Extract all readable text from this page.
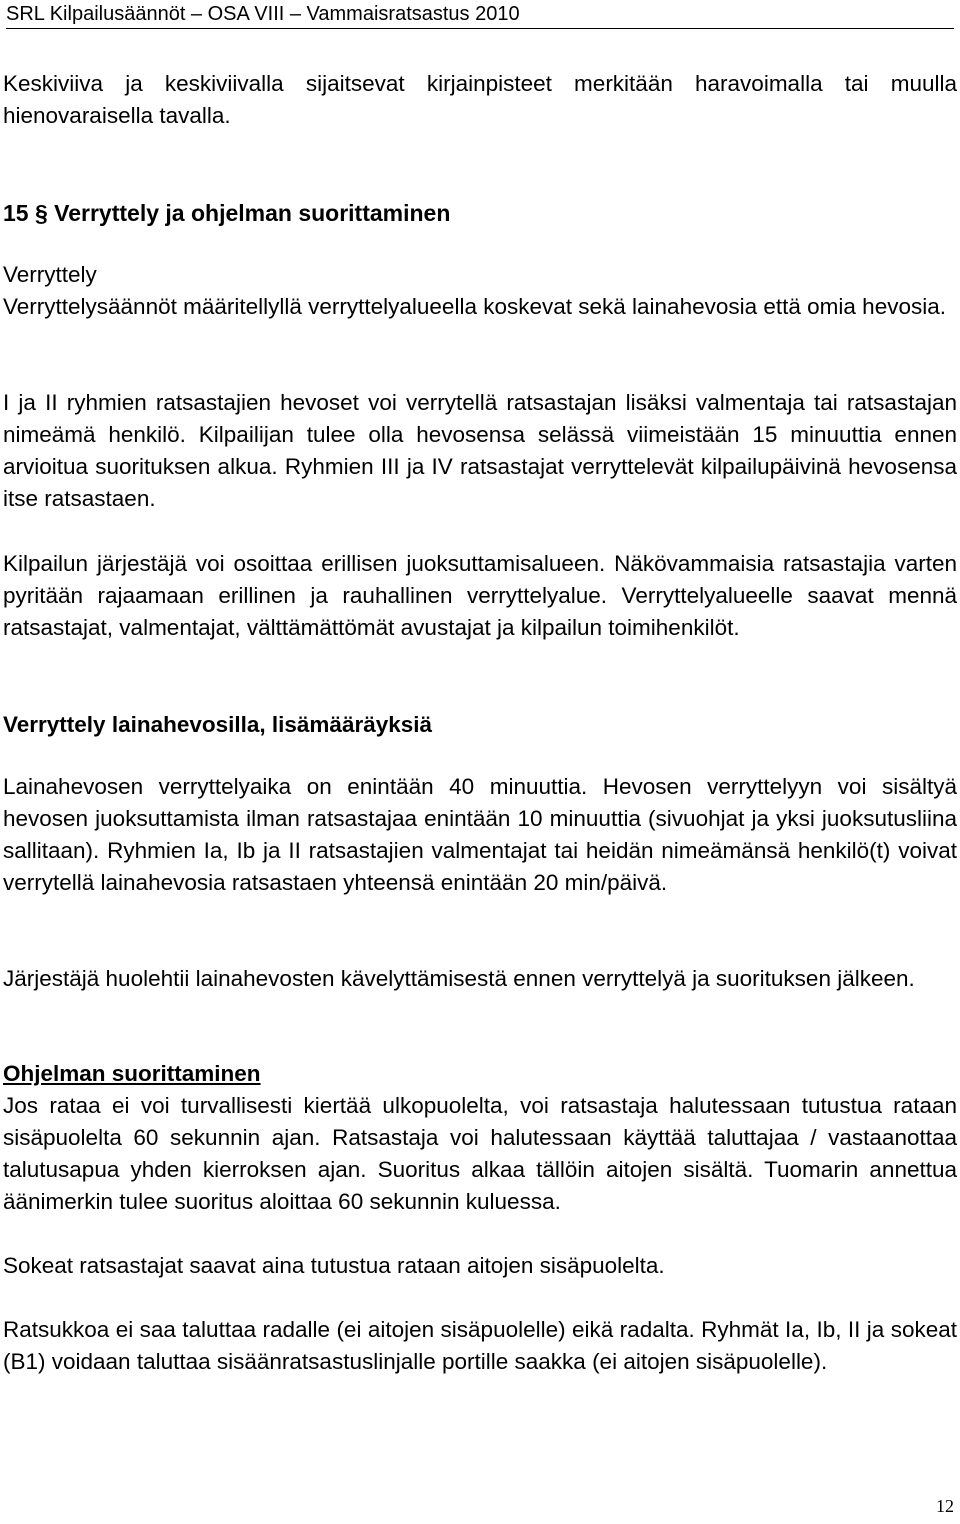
SRL Kilpailusäännöt – OSA VIII – Vammaisratsastus 2010

Keskiviiva ja keskiviivalla sijaitsevat kirjainpisteet merkitään haravoimalla tai muulla hienovaraisella tavalla.

15 § Verryttely ja ohjelman suorittaminen

Verryttely

Verryttelysäännöt määritellyllä verryttelyalueella koskevat sekä lainahevosia että omia hevosia.

I ja II ryhmien ratsastajien hevoset voi verrytellä ratsastajan lisäksi valmentaja tai ratsastajan nimeämä henkilö. Kilpailijan tulee olla hevosensa selässä viimeistään 15 minuuttia ennen arvioitua suorituksen alkua. Ryhmien III ja IV ratsastajat verryttelevät kilpailupäivinä hevosensa itse ratsastaen.

Kilpailun järjestäjä voi osoittaa erillisen juoksuttamisalueen. Näkövammaisia ratsastajia varten pyritään rajaamaan erillinen ja rauhallinen verryttelyalue. Verryttelyalueelle saavat mennä ratsastajat, valmentajat, välttämättömät avustajat ja kilpailun toimihenkilöt.

Verryttely lainahevosilla, lisämääräyksiä

Lainahevosen verryttelyaika on enintään 40 minuuttia. Hevosen verryttelyyn voi sisältyä hevosen juoksuttamista ilman ratsastajaa enintään 10 minuuttia (sivuohjat ja yksi juoksutusliina sallitaan). Ryhmien Ia, Ib ja II ratsastajien valmentajat tai heidän nimeämänsä henkilö(t) voivat verrytellä lainahevosia ratsastaen yhteensä enintään 20 min/päivä.

Järjestäjä huolehtii lainahevosten kävelyttämisestä ennen verryttelyä ja suorituksen jälkeen.

Ohjelman suorittaminen

Jos rataa ei voi turvallisesti kiertää ulkopuolelta, voi ratsastaja halutessaan tutustua rataan sisäpuolelta 60 sekunnin ajan. Ratsastaja voi halutessaan käyttää taluttajaa / vastaanottaa talutusapua yhden kierroksen ajan. Suoritus alkaa tällöin aitojen sisältä. Tuomarin annettua äänimerkin tulee suoritus aloittaa 60 sekunnin kuluessa.

Sokeat ratsastajat saavat aina tutustua rataan aitojen sisäpuolelta.

Ratsukkoa ei saa taluttaa radalle (ei aitojen sisäpuolelle) eikä radalta. Ryhmät Ia, Ib, II ja sokeat (B1) voidaan taluttaa sisäänratsastuslinjalle portille saakka (ei aitojen sisäpuolelle).

12
